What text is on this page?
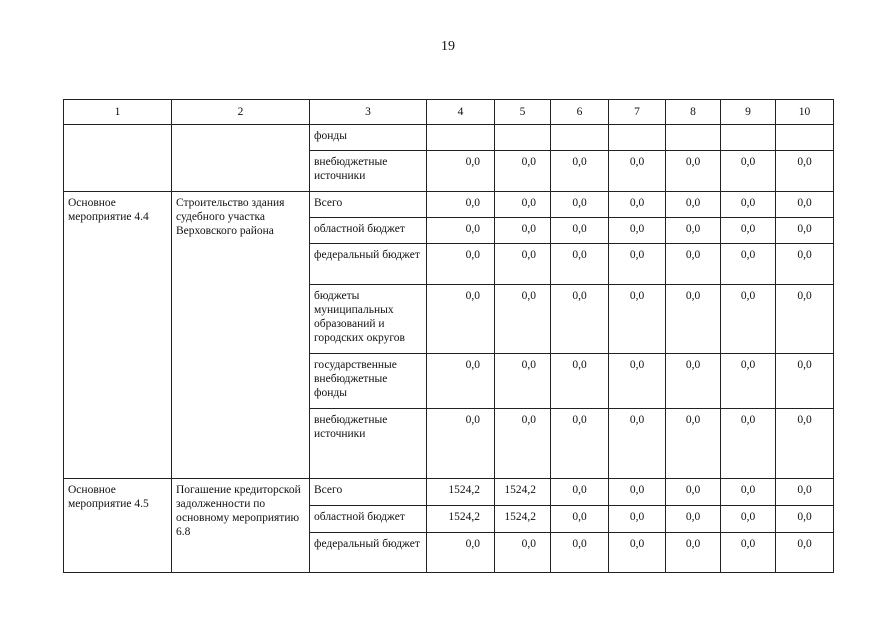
19
1	2	3	4	5	6	7	8	9	10
		фонды							
		внебюджетные источники	0,0	0,0	0,0	0,0	0,0	0,0	0,0
Основное мероприятие 4.4	Строительство здания судебного участка Верховского района	Всего	0,0	0,0	0,0	0,0	0,0	0,0	0,0
		областной бюджет	0,0	0,0	0,0	0,0	0,0	0,0	0,0
		федеральный бюджет	0,0	0,0	0,0	0,0	0,0	0,0	0,0
		бюджеты муниципальных образований и городских округов	0,0	0,0	0,0	0,0	0,0	0,0	0,0
		государственные внебюджетные фонды	0,0	0,0	0,0	0,0	0,0	0,0	0,0
		внебюджетные источники	0,0	0,0	0,0	0,0	0,0	0,0	0,0
Основное мероприятие 4.5	Погашение кредиторской задолженности по основному мероприятию 6.8	Всего	1524,2	1524,2	0,0	0,0	0,0	0,0	0,0
		областной бюджет	1524,2	1524,2	0,0	0,0	0,0	0,0	0,0
		федеральный бюджет	0,0	0,0	0,0	0,0	0,0	0,0	0,0
